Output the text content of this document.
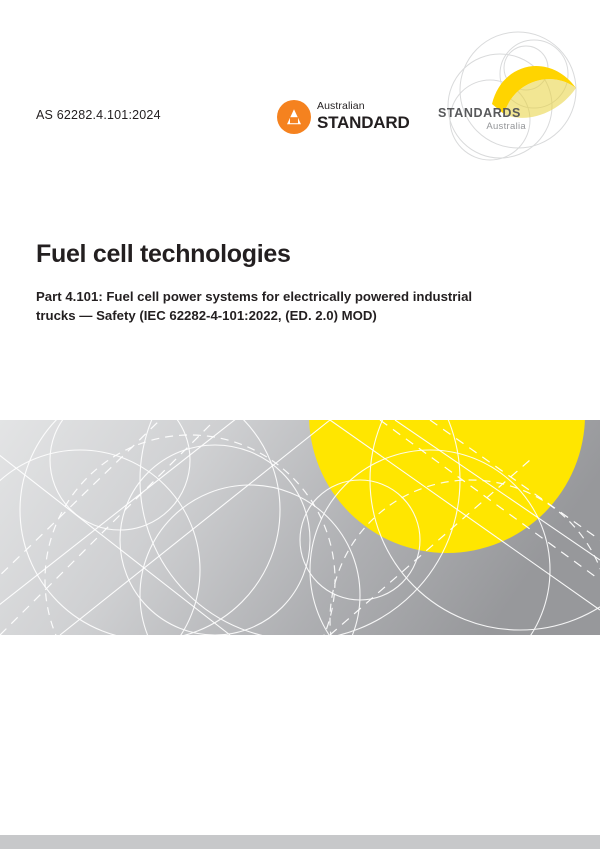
AS 62282.4.101:2024
Australian
STANDARD STANDARDS
Australia
Fuel cell technologies

Part 4.101: Fuel cell power systems for electrically powered industrial trucks — Safety (IEC 62282-4-101:2022, (ED. 2.0) MOD)
